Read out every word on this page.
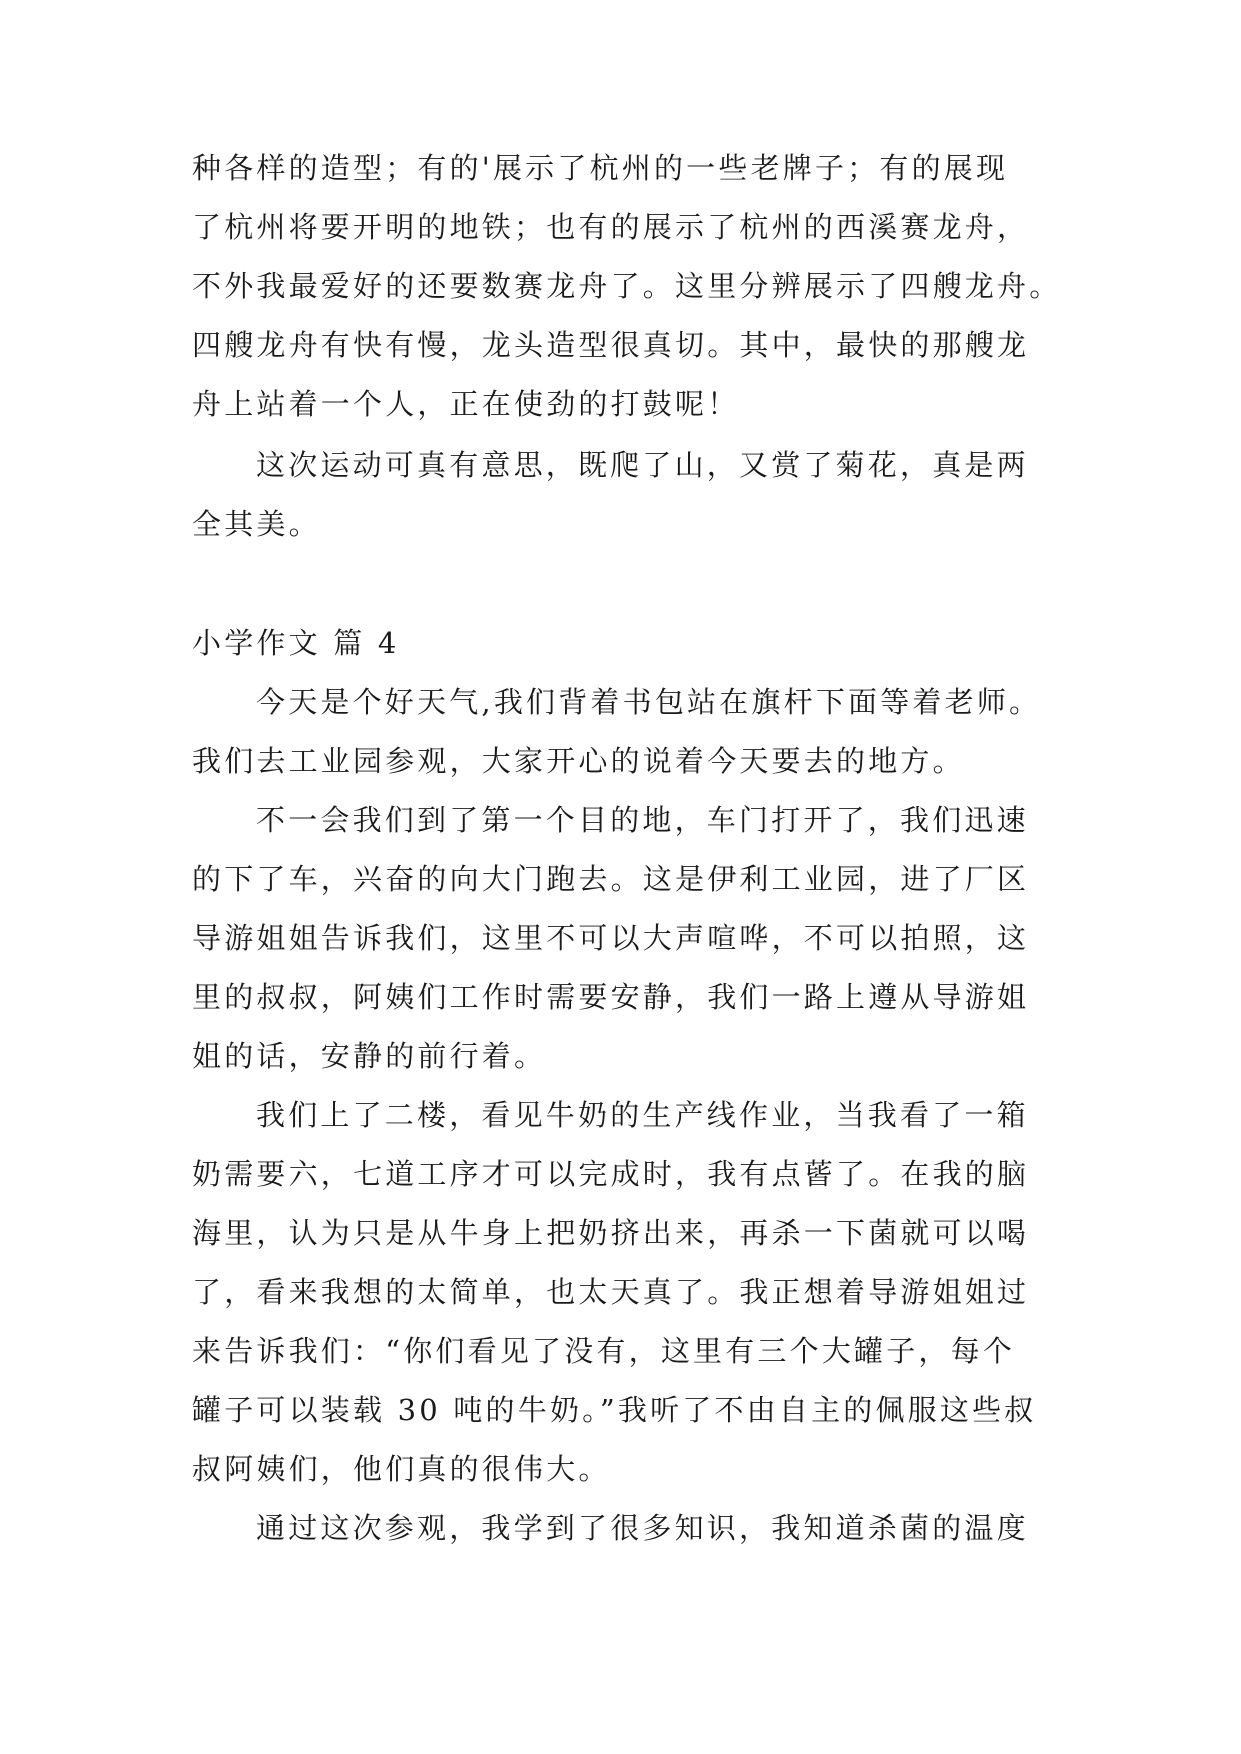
种各样的造型；有的'展示了杭州的一些老牌子；有的展现
了杭州将要开明的地铁；也有的展示了杭州的西溪赛龙舟，
不外我最爱好的还要数赛龙舟了。这里分辨展示了四艘龙舟。
四艘龙舟有快有慢，龙头造型很真切。其中，最快的那艘龙
舟上站着一个人，正在使劲的打鼓呢！
这次运动可真有意思，既爬了山，又赏了菊花，真是两
全其美。
小学作文 篇 4
今天是个好天气,我们背着书包站在旗杆下面等着老师。
我们去工业园参观，大家开心的说着今天要去的地方。
不一会我们到了第一个目的地，车门打开了，我们迅速
的下了车，兴奋的向大门跑去。这是伊利工业园，进了厂区
导游姐姐告诉我们，这里不可以大声喧哗，不可以拍照，这
里的叔叔，阿姨们工作时需要安静，我们一路上遵从导游姐
姐的话，安静的前行着。
我们上了二楼，看见牛奶的生产线作业，当我看了一箱
奶需要六，七道工序才可以完成时，我有点蒈了。在我的脑
海里，认为只是从牛身上把奶挤出来，再杀一下菌就可以喝
了，看来我想的太简单，也太天真了。我正想着导游姐姐过
来告诉我们：“你们看见了没有，这里有三个大罐子，每个
罐子可以装载 30 吨的牛奶。”我听了不由自主的佩服这些叔
叔阿姨们，他们真的很伟大。
通过这次参观，我学到了很多知识，我知道杀菌的温度
